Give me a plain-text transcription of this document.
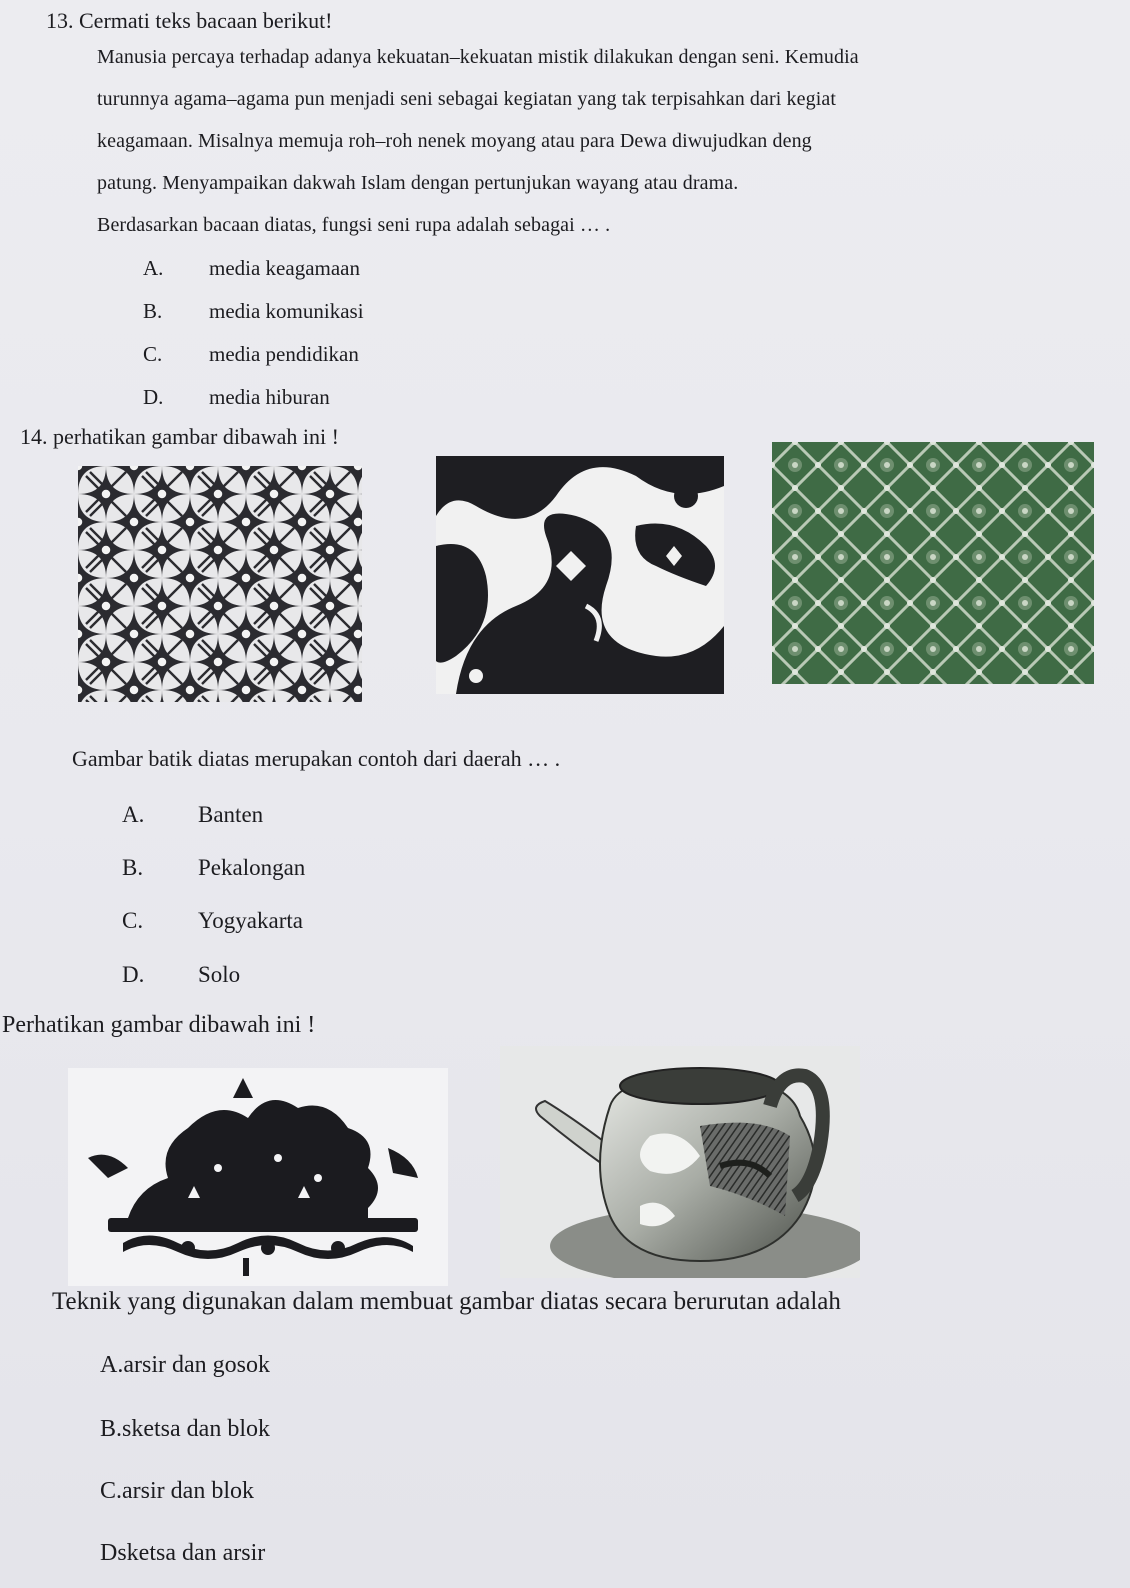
13. Cermati teks bacaan berikut!
Manusia percaya terhadap adanya kekuatan–kekuatan mistik dilakukan dengan seni. Kemudia
turunnya agama–agama pun menjadi seni sebagai kegiatan yang tak terpisahkan dari kegiat
keagamaan. Misalnya memuja roh–roh nenek moyang atau para Dewa diwujudkan deng
patung. Menyampaikan dakwah Islam dengan pertunjukan wayang atau drama.
Berdasarkan bacaan diatas, fungsi seni rupa adalah sebagai … .
A. media keagamaan
B. media komunikasi
C. media pendidikan
D. media hiburan
14. perhatikan gambar dibawah ini !
Gambar batik diatas merupakan contoh dari daerah … .
A. Banten
B. Pekalongan
C. Yogyakarta
D. Solo
Perhatikan gambar dibawah ini !
Teknik yang digunakan dalam membuat gambar diatas secara berurutan adalah
A.arsir dan gosok
B.sketsa dan blok
C.arsir dan blok
Dsketsa dan arsir
